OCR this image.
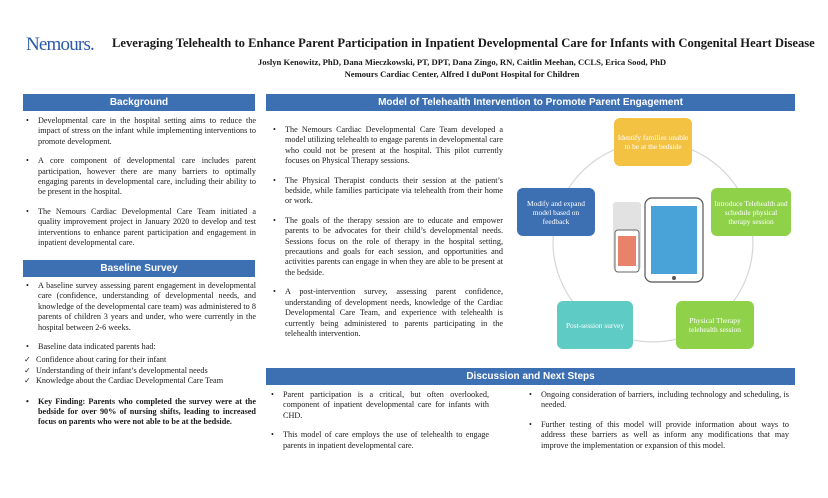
Nemours. Leveraging Telehealth to Enhance Parent Participation in Inpatient Developmental Care for Infants with Congenital Heart Disease
Joslyn Kenowitz, PhD, Dana Mieczkowski, PT, DPT, Dana Zingo, RN, Caitlin Meehan, CCLS, Erica Sood, PhD
Nemours Cardiac Center, Alfred I duPont Hospital for Children
Background
• Developmental care in the hospital setting aims to reduce the impact of stress on the infant while implementing interventions to promote development.
• A core component of developmental care includes parent participation, however there are many barriers to optimally engaging parents in developmental care, including their ability to be present in the hospital.
• The Nemours Cardiac Developmental Care Team initiated a quality improvement project in January 2020 to develop and test interventions to enhance parent participation and engagement in inpatient developmental care.
Baseline Survey
• A baseline survey assessing parent engagement in developmental care (confidence, understanding of developmental needs, and knowledge of the developmental care team) was administered to 8 parents of children 3 years and under, who were currently in the hospital between 2-6 weeks.
• Baseline data indicated parents had:
✓ Confidence about caring for their infant
✓ Understanding of their infant’s developmental needs
✓ Knowledge about the Cardiac Developmental Care Team
• Key Finding: Parents who completed the survey were at the bedside for over 90% of nursing shifts, leading to increased focus on parents who were not able to be at the bedside.
Model of Telehealth Intervention to Promote Parent Engagement
• The Nemours Cardiac Developmental Care Team developed a model utilizing telehealth to engage parents in developmental care who could not be present at the hospital. This pilot currently focuses on Physical Therapy sessions.
• The Physical Therapist conducts their session at the patient’s bedside, while families participate via telehealth from their home or work.
• The goals of the therapy session are to educate and empower parents to be advocates for their child’s developmental needs. Sessions focus on the role of therapy in the hospital setting, precautions and goals for each session, and opportunities and activities parents can engage in when they are able to be present at the bedside.
• A post-intervention survey, assessing parent confidence, understanding of development needs, knowledge of the Cardiac Developmental Care Team, and experience with telehealth is currently being administered to parents participating in the telehealth intervention.
Identify families unable to be at the bedside
Introduce Telehealth and schedule physical therapy session
Physical Therapy telehealth session
Post-session survey
Modify and expand model based on feedback
Discussion and Next Steps
• Parent participation is a critical, but often overlooked, component of inpatient developmental care for infants with CHD.
• This model of care employs the use of telehealth to engage parents in inpatient developmental care.
• Ongoing consideration of barriers, including technology and scheduling, is needed.
• Further testing of this model will provide information about ways to address these barriers as well as inform any modifications that may improve the implementation or expansion of this model.
